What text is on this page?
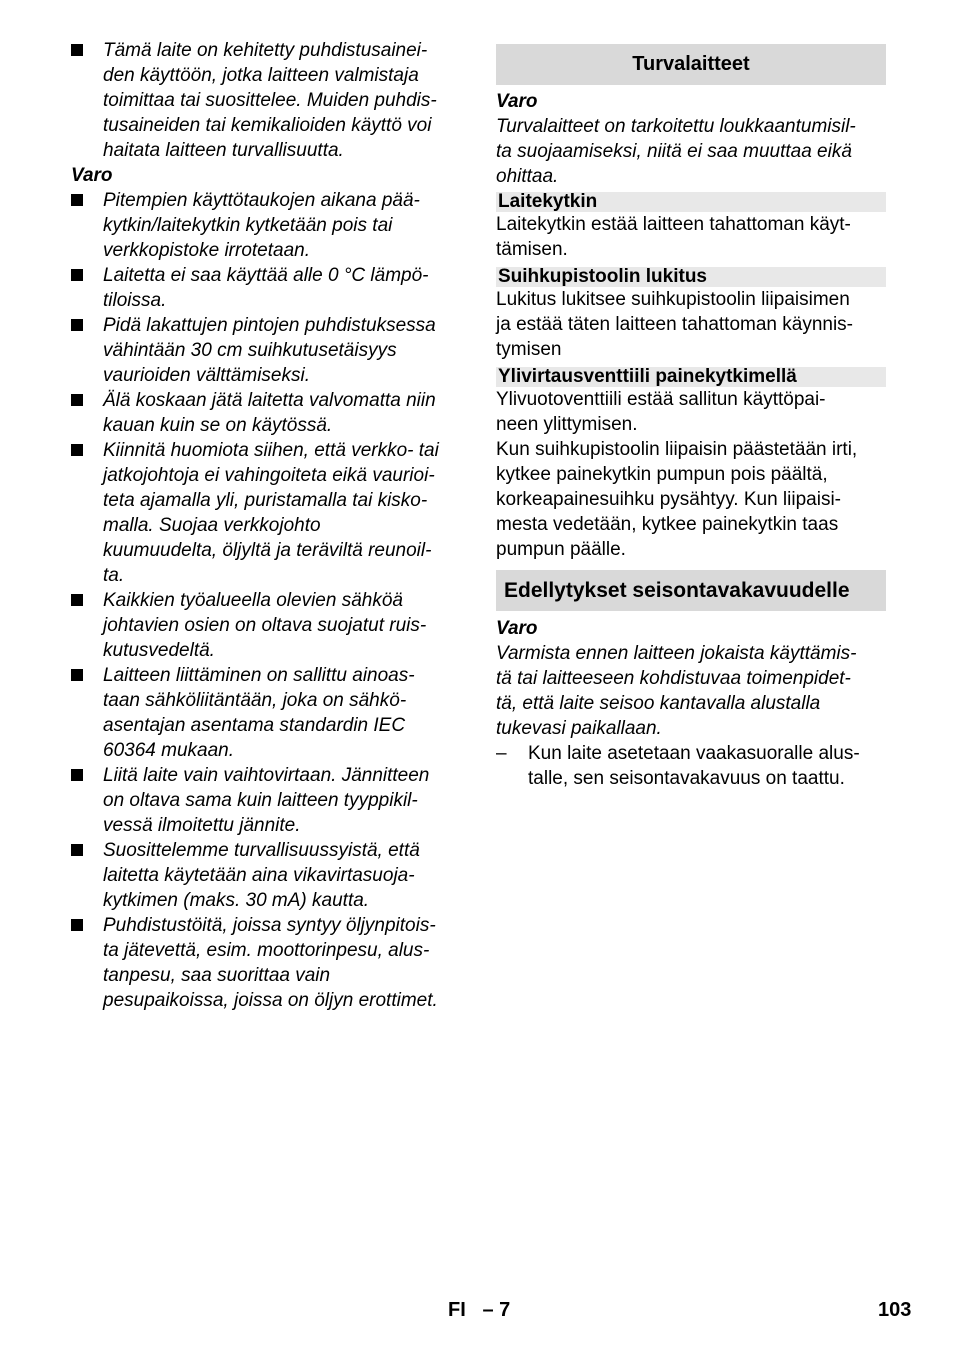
Tämä laite on kehitetty puhdistusainei-
den käyttöön, jotka laitteen valmistaja
toimittaa tai suosittelee. Muiden puhdis-
tusaineiden tai kemikalioiden käyttö voi
haitata laitteen turvallisuutta.
Varo
Pitempien käyttötaukojen aikana pää-
kytkin/laitekytkin kytketään pois tai
verkkopistoke irrotetaan.
Laitetta ei saa käyttää alle 0 °C lämpö-
tiloissa.
Pidä lakattujen pintojen puhdistuksessa
vähintään 30 cm suihkutusetäisyys
vaurioiden välttämiseksi.
Älä koskaan jätä laitetta valvomatta niin
kauan kuin se on käytössä.
Kiinnitä huomiota siihen, että verkko- tai
jatkojohtoja ei vahingoiteta eikä vaurioi-
teta ajamalla yli, puristamalla tai kisko-
malla. Suojaa verkkojohto
kuumuudelta, öljyltä ja teräviltä reunoil-
ta.
Kaikkien työalueella olevien sähköä
johtavien osien on oltava suojatut ruis-
kutusvedeltä.
Laitteen liittäminen on sallittu ainoas-
taan sähköliitäntään, joka on sähkö-
asentajan asentama standardin IEC
60364 mukaan.
Liitä laite vain vaihtovirtaan. Jännitteen
on oltava sama kuin laitteen tyyppikil-
vessä ilmoitettu jännite.
Suosittelemme turvallisuussyistä, että
laitetta käytetään aina vikavirtasuoja-
kytkimen (maks. 30 mA) kautta.
Puhdistustöitä, joissa syntyy öljynpitois-
ta jätevettä, esim. moottorinpesu, alus-
tanpesu, saa suorittaa vain
pesupaikoissa, joissa on öljyn erottimet.
Turvalaitteet
Varo
Turvalaitteet on tarkoitettu loukkaantumisil-
ta suojaamiseksi, niitä ei saa muuttaa eikä
ohittaa.
Laitekytkin
Laitekytkin estää laitteen tahattoman käyt-
tämisen.
Suihkupistoolin lukitus
Lukitus lukitsee suihkupistoolin liipaisimen
ja estää täten laitteen tahattoman käynnis-
tymisen
Ylivirtausventtiili painekytkimellä
Ylivuotoventtiili estää sallitun käyttöpai-
neen ylittymisen.
Kun suihkupistoolin liipaisin päästetään irti,
kytkee painekytkin pumpun pois päältä,
korkeapainesuihku pysähtyy. Kun liipaisi-
mesta vedetään, kytkee painekytkin taas
pumpun päälle.
Edellytykset seisontavakavuudelle
Varo
Varmista ennen laitteen jokaista käyttämis-
tä tai laitteeseen kohdistuvaa toimenpidet-
tä, että laite seisoo kantavalla alustalla
tukevasi paikallaan.
– Kun laite asetetaan vaakasuoralle alus-
talle, sen seisontavakavuus on taattu.
FI   – 7	103
